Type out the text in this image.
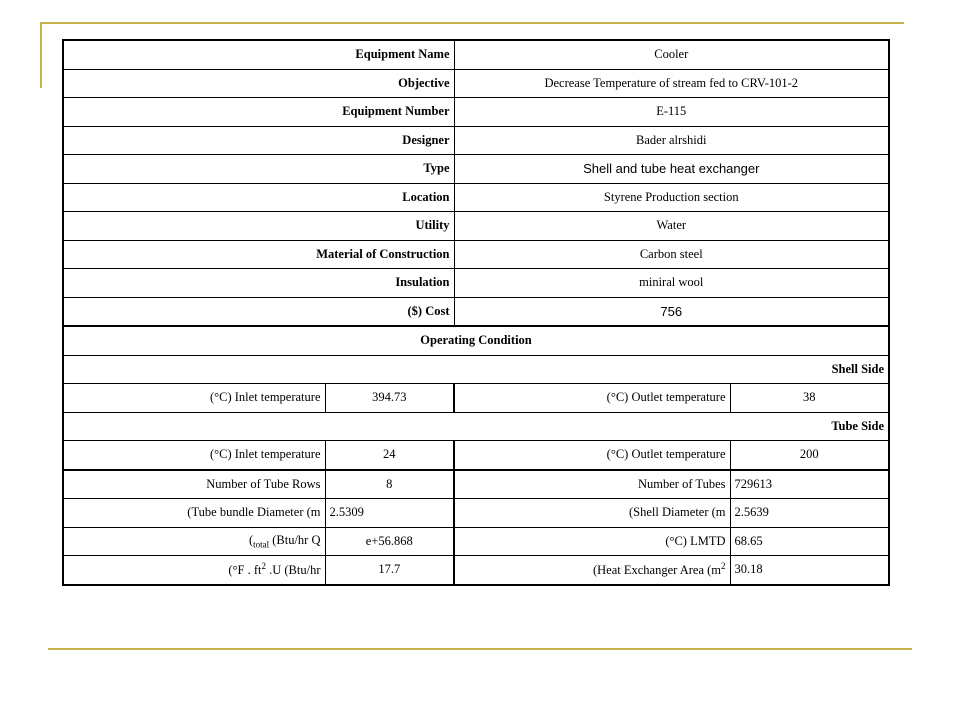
Equipment Name		Cooler	
Objective		Decrease Temperature of stream fed to CRV-101-2	
Equipment Number		E-115	
Designer		Bader alrshidi	
Type		Shell and tube heat exchanger	
Location		Styrene Production section	
Utility		Water	
Material of Construction		Carbon steel	
Insulation		miniral wool	
($) Cost		756	
Operating Condition			
Shell Side			
(°C) Inlet temperature	394.73	(°C) Outlet temperature	38
Tube Side			
(°C) Inlet temperature	24	(°C) Outlet temperature	200
Number of Tube Rows	8	Number of Tubes	729613
(Tube bundle Diameter (m	2.5309	(Shell Diameter (m	2.5639
($_{total}$ (Btu/hr Q	e+56.868	(°C) LMTD	68.65
(°F . $ft^2$ .U (Btu/hr	17.7	(Heat Exchanger Area ($m^2$	30.18
